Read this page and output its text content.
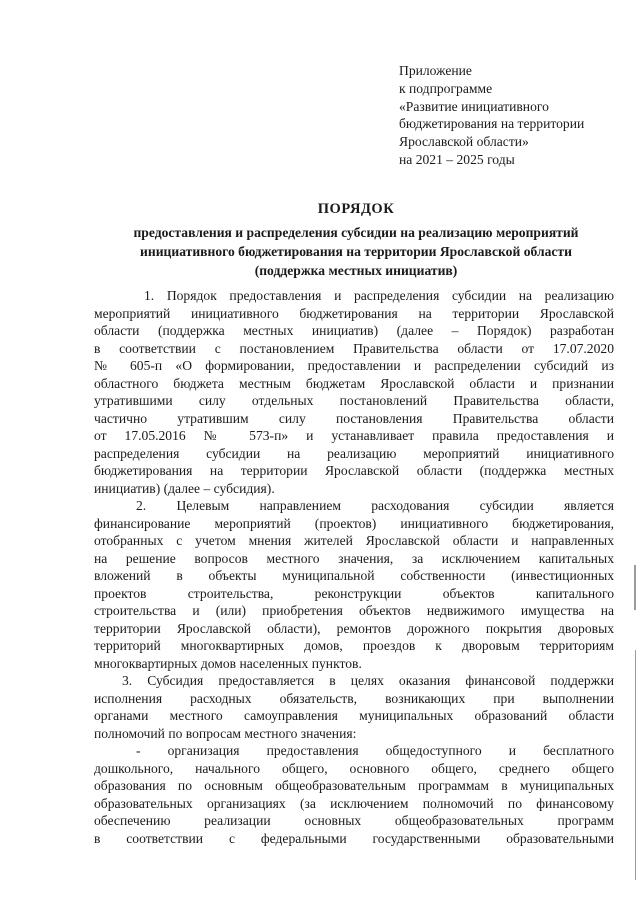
Приложение
к подпрограмме
«Развитие инициативного
бюджетирования на территории
Ярославской области»
на 2021 – 2025 годы
ПОРЯДОК
предоставления и распределения субсидии на реализацию мероприятий
инициативного бюджетирования на территории Ярославской области
(поддержка местных инициатив)
1. Порядок предоставления и распределения субсидии на реализацию
мероприятий инициативного бюджетирования на территории Ярославской
области (поддержка местных инициатив) (далее – Порядок) разработан
в соответствии с постановлением Правительства области от 17.07.2020
№ 605-п «О формировании, предоставлении и распределении субсидий из
областного бюджета местным бюджетам Ярославской области и признании
утратившими силу отдельных постановлений Правительства области,
частично утратившим силу постановления Правительства области
от 17.05.2016 № 573-п» и устанавливает правила предоставления и
распределения субсидии на реализацию мероприятий инициативного
бюджетирования на территории Ярославской области (поддержка местных
инициатив) (далее – субсидия).
2. Целевым направлением расходования субсидии является
финансирование мероприятий (проектов) инициативного бюджетирования,
отобранных с учетом мнения жителей Ярославской области и направленных
на решение вопросов местного значения, за исключением капитальных
вложений в объекты муниципальной собственности (инвестиционных
проектов строительства, реконструкции объектов капитального
строительства и (или) приобретения объектов недвижимого имущества на
территории Ярославской области), ремонтов дорожного покрытия дворовых
территорий многоквартирных домов, проездов к дворовым территориям
многоквартирных домов населенных пунктов.
3. Субсидия предоставляется в целях оказания финансовой поддержки
исполнения расходных обязательств, возникающих при выполнении
органами местного самоуправления муниципальных образований области
полномочий по вопросам местного значения:
- организация предоставления общедоступного и бесплатного
дошкольного, начального общего, основного общего, среднего общего
образования по основным общеобразовательным программам в муниципальных
образовательных организациях (за исключением полномочий по финансовому
обеспечению реализации основных общеобразовательных программ
в соответствии с федеральными государственными образовательными
